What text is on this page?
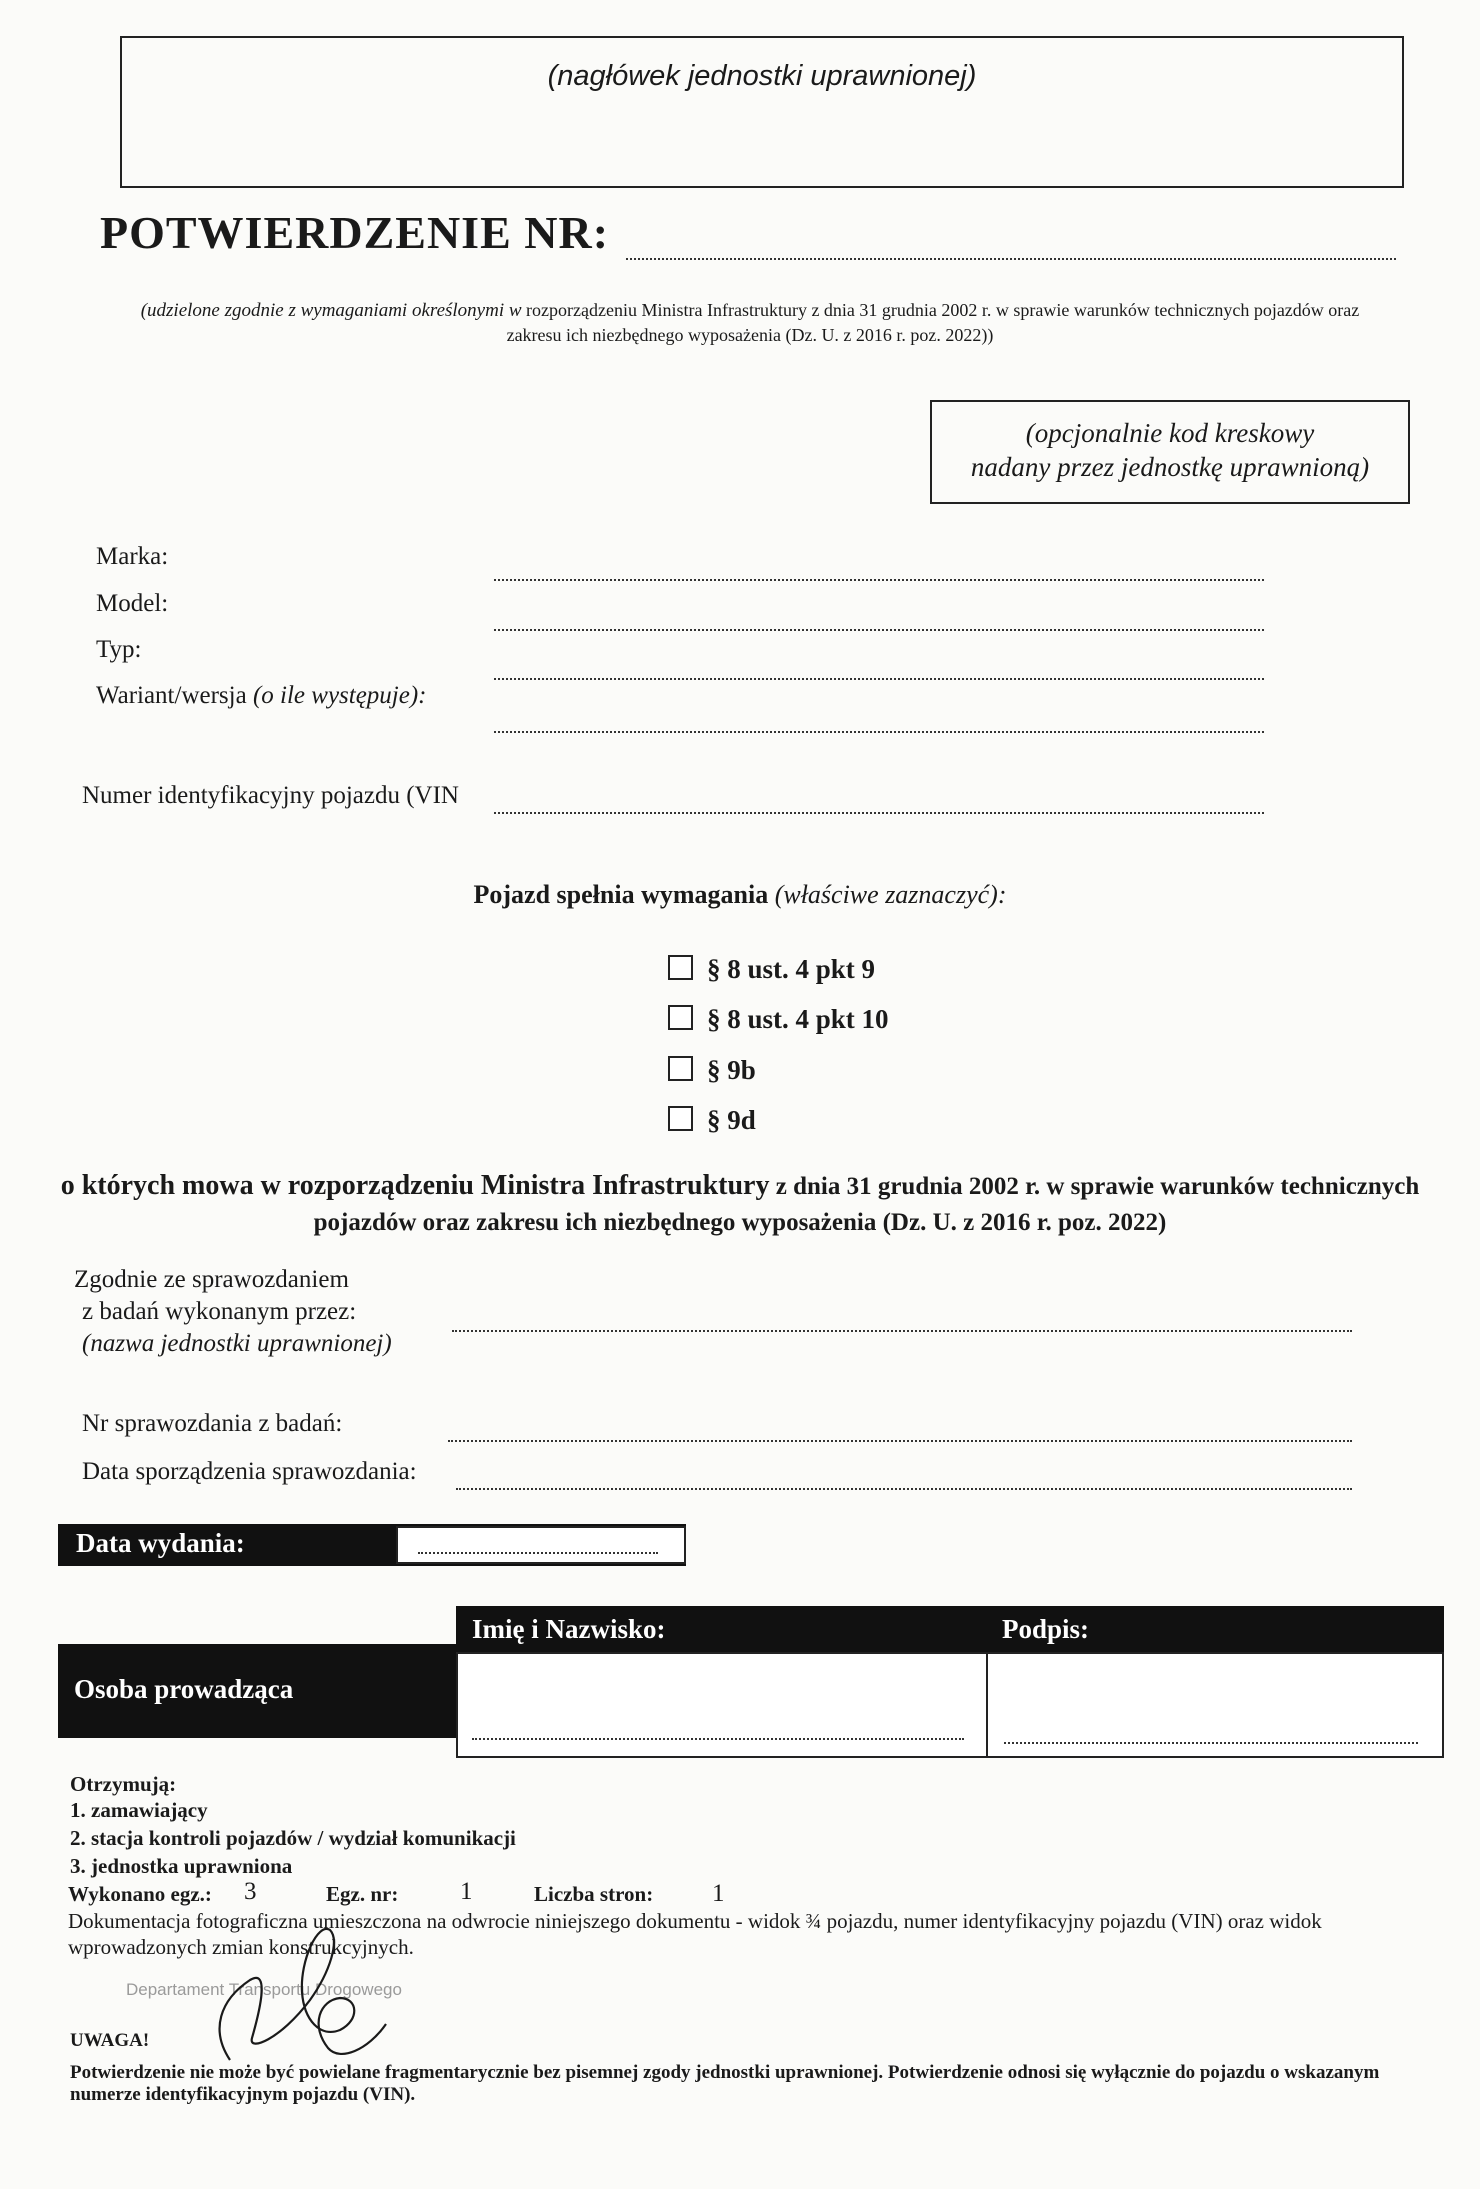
(nagłówek jednostki uprawnionej)
POTWIERDZENIE NR:
(udzielone zgodnie z wymaganiami określonymi w rozporządzeniu Ministra Infrastruktury z dnia 31 grudnia 2002 r. w sprawie warunków technicznych pojazdów oraz zakresu ich niezbędnego wyposażenia (Dz. U. z 2016 r. poz. 2022))
(opcjonalnie kod kreskowy
nadany przez jednostkę uprawnioną)
Marka:
Model:
Typ:
Wariant/wersja (o ile występuje):
Numer identyfikacyjny pojazdu (VIN
Pojazd spełnia wymagania (właściwe zaznaczyć):
§ 8 ust. 4 pkt 9
§ 8 ust. 4 pkt 10
§ 9b
§ 9d
o których mowa w rozporządzeniu Ministra Infrastruktury z dnia 31 grudnia 2002 r. w sprawie warunków technicznych pojazdów oraz zakresu ich niezbędnego wyposażenia (Dz. U. z 2016 r. poz. 2022)
Zgodnie ze sprawozdaniem
z badań wykonanym przez:
(nazwa jednostki uprawnionej)
Nr sprawozdania z badań:
Data sporządzenia sprawozdania:
Data wydania:
Imię i Nazwisko:	Podpis:
Osoba prowadząca
Otrzymują:
1. zamawiający
2. stacja kontroli pojazdów / wydział komunikacji
3. jednostka uprawniona
Wykonano egz.: 3	Egz. nr: 1	Liczba stron: 1
Dokumentacja fotograficzna umieszczona na odwrocie niniejszego dokumentu - widok ¾ pojazdu, numer identyfikacyjny pojazdu (VIN) oraz widok wprowadzonych zmian konstrukcyjnych.
Departament Transportu Drogowego
UWAGA!
Potwierdzenie nie może być powielane fragmentarycznie bez pisemnej zgody jednostki uprawnionej. Potwierdzenie odnosi się wyłącznie do pojazdu o wskazanym numerze identyfikacyjnym pojazdu (VIN).
